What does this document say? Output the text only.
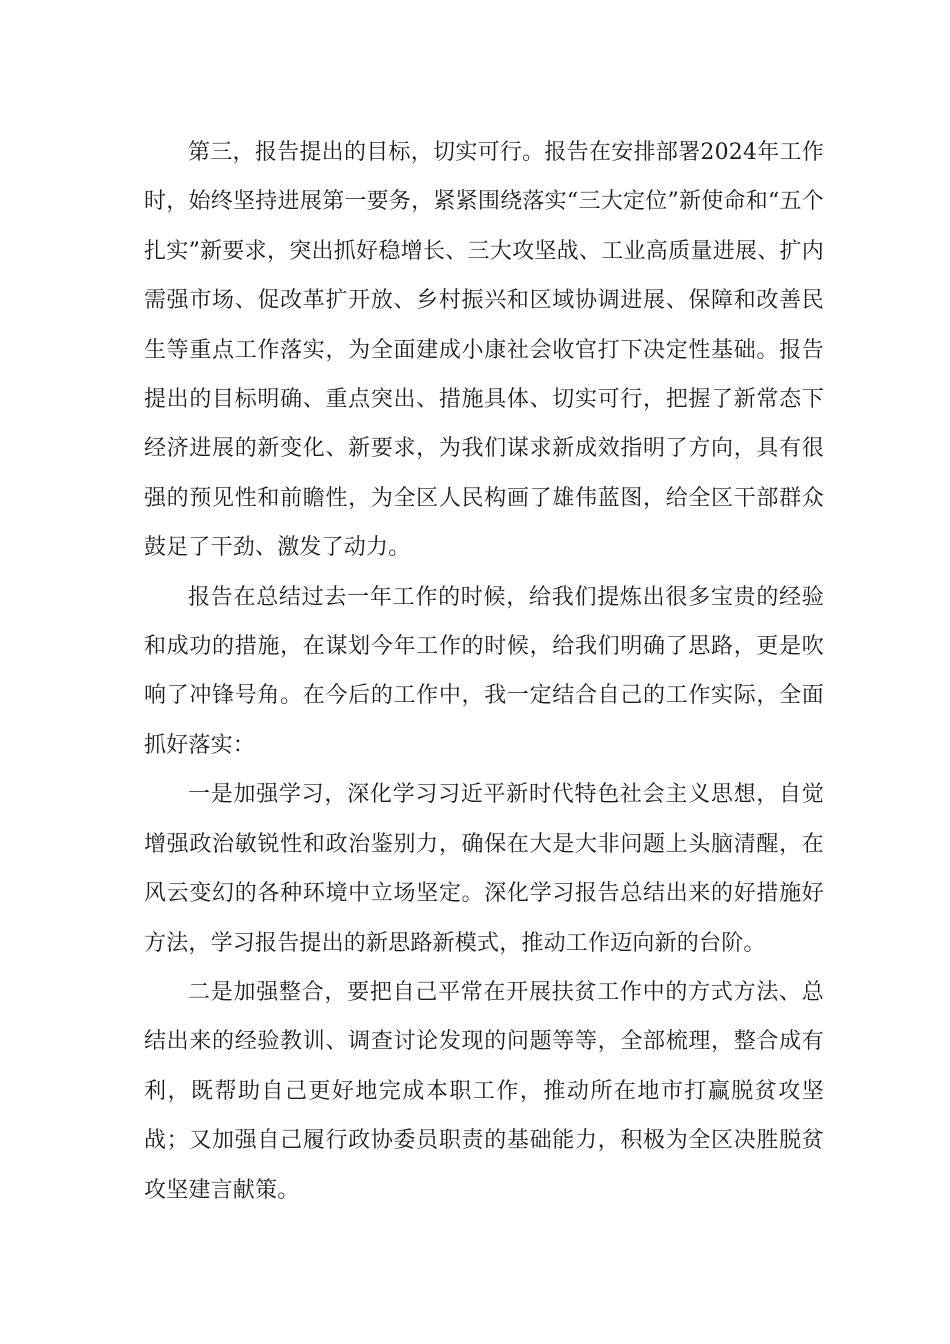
第三，报告提出的目标，切实可行。报告在安排部署2024年工作时，始终坚持进展第一要务，紧紧围绕落实“三大定位”新使命和“五个扎实”新要求，突出抓好稳增长、三大攻坚战、工业高质量进展、扩内需强市场、促改革扩开放、乡村振兴和区域协调进展、保障和改善民生等重点工作落实，为全面建成小康社会收官打下决定性基础。报告提出的目标明确、重点突出、措施具体、切实可行，把握了新常态下经济进展的新变化、新要求，为我们谋求新成效指明了方向，具有很强的预见性和前瞻性，为全区人民构画了雄伟蓝图，给全区干部群众鼓足了干劲、激发了动力。

报告在总结过去一年工作的时候，给我们提炼出很多宝贵的经验和成功的措施，在谋划今年工作的时候，给我们明确了思路，更是吹响了冲锋号角。在今后的工作中，我一定结合自己的工作实际，全面抓好落实：

一是加强学习，深化学习习近平新时代特色社会主义思想，自觉增强政治敏锐性和政治鉴别力，确保在大是大非问题上头脑清醒，在风云变幻的各种环境中立场坚定。深化学习报告总结出来的好措施好方法，学习报告提出的新思路新模式，推动工作迈向新的台阶。

二是加强整合，要把自己平常在开展扶贫工作中的方式方法、总结出来的经验教训、调查讨论发现的问题等等，全部梳理，整合成有利，既帮助自己更好地完成本职工作，推动所在地市打赢脱贫攻坚战；又加强自己履行政协委员职责的基础能力，积极为全区决胜脱贫攻坚建言献策。
